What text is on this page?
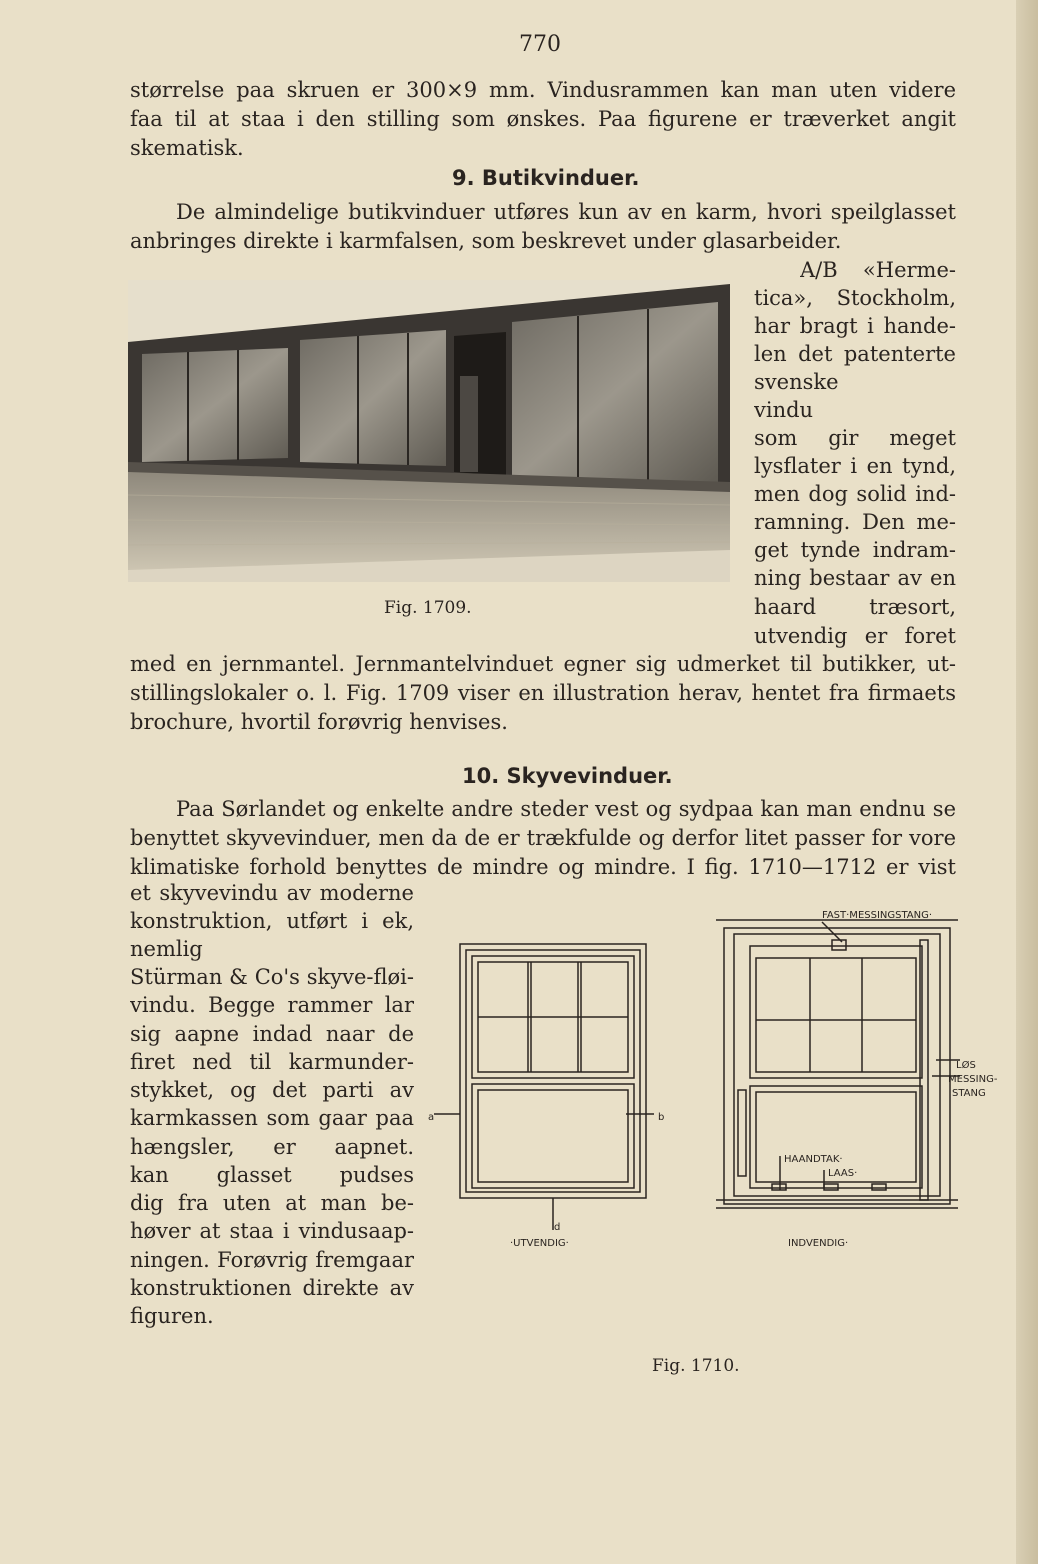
770
størrelse paa skruen er 300×9 mm. Vindusrammen kan man uten videre
faa til at staa i den stilling som ønskes. Paa figurene er træverket angit
skematisk.
9. Butikvinduer.
De almindelige butikvinduer utføres kun av en karm, hvori speilglasset
anbringes direkte i karmfalsen, som beskrevet under glasarbeider.
A/B «Herme-
tica», Stockholm,
har bragt i hande-
len det patenterte
svenske
vindu
som gir meget
lysflater i en tynd,
men dog solid ind-
ramning. Den me-
get tynde indram-
ning bestaar av en
haard træsort,
utvendig er foret
Fig. 1709.
med en jernmantel. Jernmantelvinduet egner sig udmerket til butikker, ut-
stillingslokaler o. l. Fig. 1709 viser en illustration herav, hentet fra firmaets
brochure, hvortil forøvrig henvises.
10. Skyvevinduer.
Paa Sørlandet og enkelte andre steder vest og sydpaa kan man endnu se
benyttet skyvevinduer, men da de er trækfulde og derfor litet passer for vore
klimatiske forhold benyttes de mindre og mindre. I fig. 1710—1712 er vist
et skyvevindu av moderne
konstruktion, utført i ek,
nemlig
Stürman & Co's skyve-fløi-
vindu. Begge rammer lar
sig aapne indad naar de
firet ned til karmunder-
stykket, og det parti av
karmkassen som gaar paa
hængsler, er aapnet.
kan glasset pudses
dig fra uten at man be-
høver at staa i vindusaap-
ningen. Forøvrig fremgaar
konstruktionen direkte av
figuren.
a	b
d
·UTVENDIG·	INDVENDIG·
FAST·MESSINGSTANG·
LØS
MESSING-
STANG
HAANDTAK·
LAAS·
Fig. 1710.
